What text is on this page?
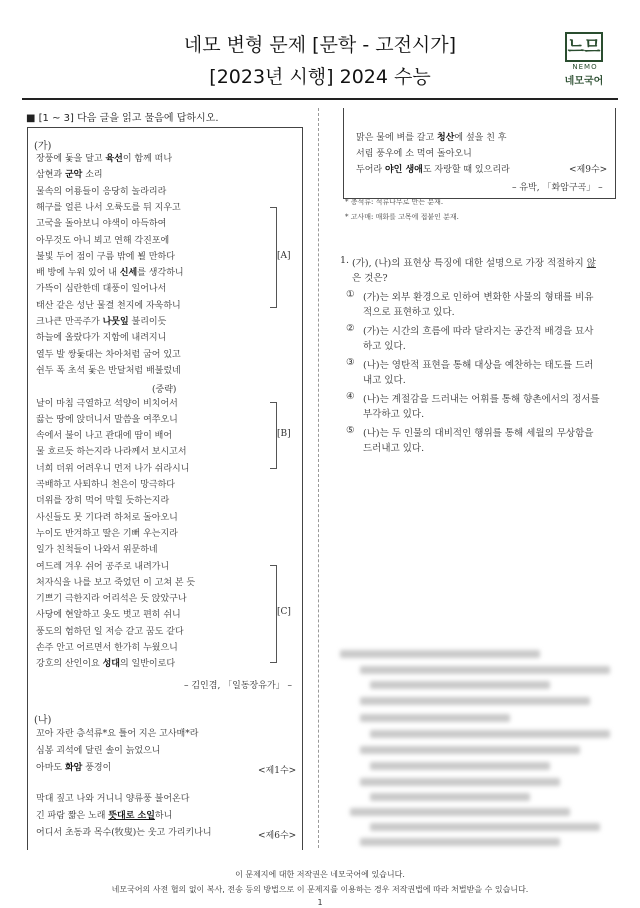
네모 변형 문제 [문학 - 고전시가]
[2023년 시행] 2024 수능
느므
NEMO
네모국어
■ [1 ~ 3] 다음 글을 읽고 물음에 답하시오.
이 문제지에 대한 저작권은 네모국어에 있습니다.
네모국어의 사전 협의 없이 복사, 전송 등의 방법으로 이 문제지를 이용하는 경우 저작권법에 따라 처벌받을 수 있습니다.
1
(가)
장풍에 돛을 달고 육선이 함께 떠나
삼현과 군악 소리
물속의 어룡들이 응당히 놀라리라
해구를 얼른 나서 오륙도를 뒤 지우고
고국을 돌아보니 야색이 아득하여
아무것도 아니 뵈고 연해 각진포에
불빛 두어 점이 구름 밖에 뵐 만하다
배 방에 누워 있어 내 신세를 생각하니
가뜩이 심란한데 대풍이 일어나서
태산 같은 성난 물결 천지에 자욱하니
크나큰 만곡주가 나뭇잎 불리이듯
하늘에 올랐다가 지함에 내려지니
열두 발 쌍돛대는 차아처럼 굽어 있고
쉰두 폭 초석 돛은 반달처럼 배불렀네
(중략)
날이 마침 극열하고 석양이 비치어서
끓는 땅에 앉더니서 말씀을 여쭈오니
속에서 불이 나고 관대에 땀이 배어
물 흐르듯 하는지라 나라께서 보시고서
너희 더위 어려우니 먼저 나가 쉬라시니
곡배하고 사퇴하니 천은이 망극하다
더위를 장히 먹어 막힐 듯하는지라
사신들도 못 기다려 하처로 돌아오니
누이도 반겨하고 딸은 기뻐 우는지라
일가 친척들이 나와서 위문하네
여드레 겨우 쉬어 공주로 내려가니
처자식을 나를 보고 죽었던 이 고쳐 본 듯
기쁘기 극한지라 어리석은 듯 앉았구나
사당에 현알하고 옷도 벗고 편히 쉬니
풍도의 험하던 일 저승 같고 꿈도 같다
손주 안고 어르면서 한가히 누웠으니
강호의 산인이요 성대의 일반이로다
– 김인겸, 「일동장유가」 –
[A]
[B]
[C]
(나)
꼬아 자란 층석류*요 틀어 지은 고사매*라
심봉 괴석에 달린 솔이 늙었으니
아마도 화암 풍경이	<제1수>
막대 짚고 나와 거니니 양류풍 불어온다
긴 파람 짧은 노래 뜻대로 소일하니
어디서 초동과 목수(牧叟)는 웃고 가리키나니	<제6수>
맑은 물에 벼를 갈고 청산에 섶을 친 후
서림 풍우에 소 먹여 돌아오니
두어라 야인 생애도 자랑할 때 있으리라	<제9수>
– 유박, 「화암구곡」 –
* 층석류: 석류나무로 만든 분재.
* 고사매: 매화를 고목에 접붙인 분재.
1. (가), (나)의 표현상 특징에 대한 설명으로 가장 적절하지 않
은 것은?
① (가)는 외부 환경으로 인하여 변화한 사물의 형태를 비유
적으로 표현하고 있다.
② (가)는 시간의 흐름에 따라 달라지는 공간적 배경을 묘사
하고 있다.
③ (나)는 영탄적 표현을 통해 대상을 예찬하는 태도를 드러
내고 있다.
④ (나)는 계절감을 드러내는 어휘를 통해 향촌에서의 정서를
부각하고 있다.
⑤ (나)는 두 인물의 대비적인 행위를 통해 세월의 무상함을
드러내고 있다.
